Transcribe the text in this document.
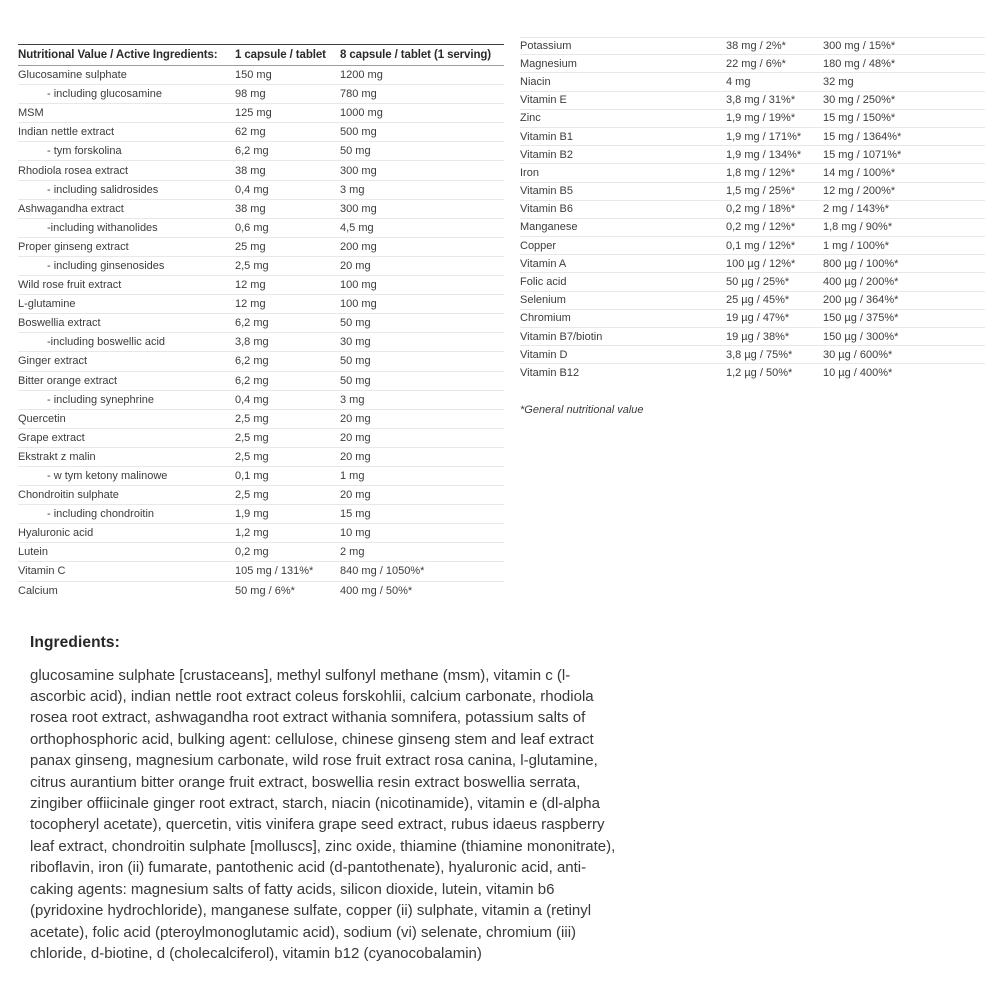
Nutritional Value / Active Ingredients:	1 capsule / tablet	8 capsule / tablet (1 serving)
Glucosamine sulphate	150 mg	1200 mg
- including glucosamine	98 mg	780 mg
MSM	125 mg	1000 mg
Indian nettle extract	62 mg	500 mg
- tym forskolina	6,2 mg	50 mg
Rhodiola rosea extract	38 mg	300 mg
- including salidrosides	0,4 mg	3 mg
Ashwagandha extract	38 mg	300 mg
-including withanolides	0,6 mg	4,5 mg
Proper ginseng extract	25 mg	200 mg
- including ginsenosides	2,5 mg	20 mg
Wild rose fruit extract	12 mg	100 mg
L-glutamine	12 mg	100 mg
Boswellia extract	6,2 mg	50 mg
-including boswellic acid	3,8 mg	30 mg
Ginger extract	6,2 mg	50 mg
Bitter orange extract	6,2 mg	50 mg
- including synephrine	0,4 mg	3 mg
Quercetin	2,5 mg	20 mg
Grape extract	2,5 mg	20 mg
Ekstrakt z malin	2,5 mg	20 mg
- w tym ketony malinowe	0,1 mg	1 mg
Chondroitin sulphate	2,5 mg	20 mg
- including chondroitin	1,9 mg	15 mg
Hyaluronic acid	1,2 mg	10 mg
Lutein	0,2 mg	2 mg
Vitamin C	105 mg / 131%*	840 mg / 1050%*
Calcium	50 mg / 6%*	400 mg / 50%*
Potassium	38 mg / 2%*	300 mg / 15%*
Magnesium	22 mg / 6%*	180 mg / 48%*
Niacin	4 mg	32 mg
Vitamin E	3,8 mg / 31%*	30 mg / 250%*
Zinc	1,9 mg / 19%*	15 mg / 150%*
Vitamin B1	1,9 mg / 171%*	15 mg / 1364%*
Vitamin B2	1,9 mg / 134%*	15 mg / 1071%*
Iron	1,8 mg / 12%*	14 mg / 100%*
Vitamin B5	1,5 mg / 25%*	12 mg / 200%*
Vitamin B6	0,2 mg / 18%*	2 mg / 143%*
Manganese	0,2 mg / 12%*	1,8 mg / 90%*
Copper	0,1 mg / 12%*	1 mg / 100%*
Vitamin A	100 µg / 12%*	800 µg / 100%*
Folic acid	50 µg / 25%*	400 µg / 200%*
Selenium	25 µg / 45%*	200 µg / 364%*
Chromium	19 µg / 47%*	150 µg / 375%*
Vitamin B7/biotin	19 µg / 38%*	150 µg / 300%*
Vitamin D	3,8 µg / 75%*	30 µg / 600%*
Vitamin B12	1,2 µg / 50%*	10 µg / 400%*
*General nutritional value
Ingredients:

glucosamine sulphate [crustaceans], methyl sulfonyl methane (msm), vitamin c (l-ascorbic acid), indian nettle root extract coleus forskohlii, calcium carbonate, rhodiola rosea root extract, ashwagandha root extract withania somnifera, potassium salts of orthophosphoric acid, bulking agent: cellulose, chinese ginseng stem and leaf extract panax ginseng, magnesium carbonate, wild rose fruit extract rosa canina, l-glutamine, citrus aurantium bitter orange fruit extract, boswellia resin extract boswellia serrata, zingiber offiicinale ginger root extract, starch, niacin (nicotinamide), vitamin e (dl-alpha tocopheryl acetate), quercetin, vitis vinifera grape seed extract, rubus idaeus raspberry leaf extract, chondroitin sulphate [molluscs], zinc oxide, thiamine (thiamine mononitrate), riboflavin, iron (ii) fumarate, pantothenic acid (d-pantothenate), hyaluronic acid, anti-caking agents: magnesium salts of fatty acids, silicon dioxide, lutein, vitamin b6 (pyridoxine hydrochloride), manganese sulfate, copper (ii) sulphate, vitamin a (retinyl acetate), folic acid (pteroylmonoglutamic acid), sodium (vi) selenate, chromium (iii) chloride, d-biotine, d (cholecalciferol), vitamin b12 (cyanocobalamin)
